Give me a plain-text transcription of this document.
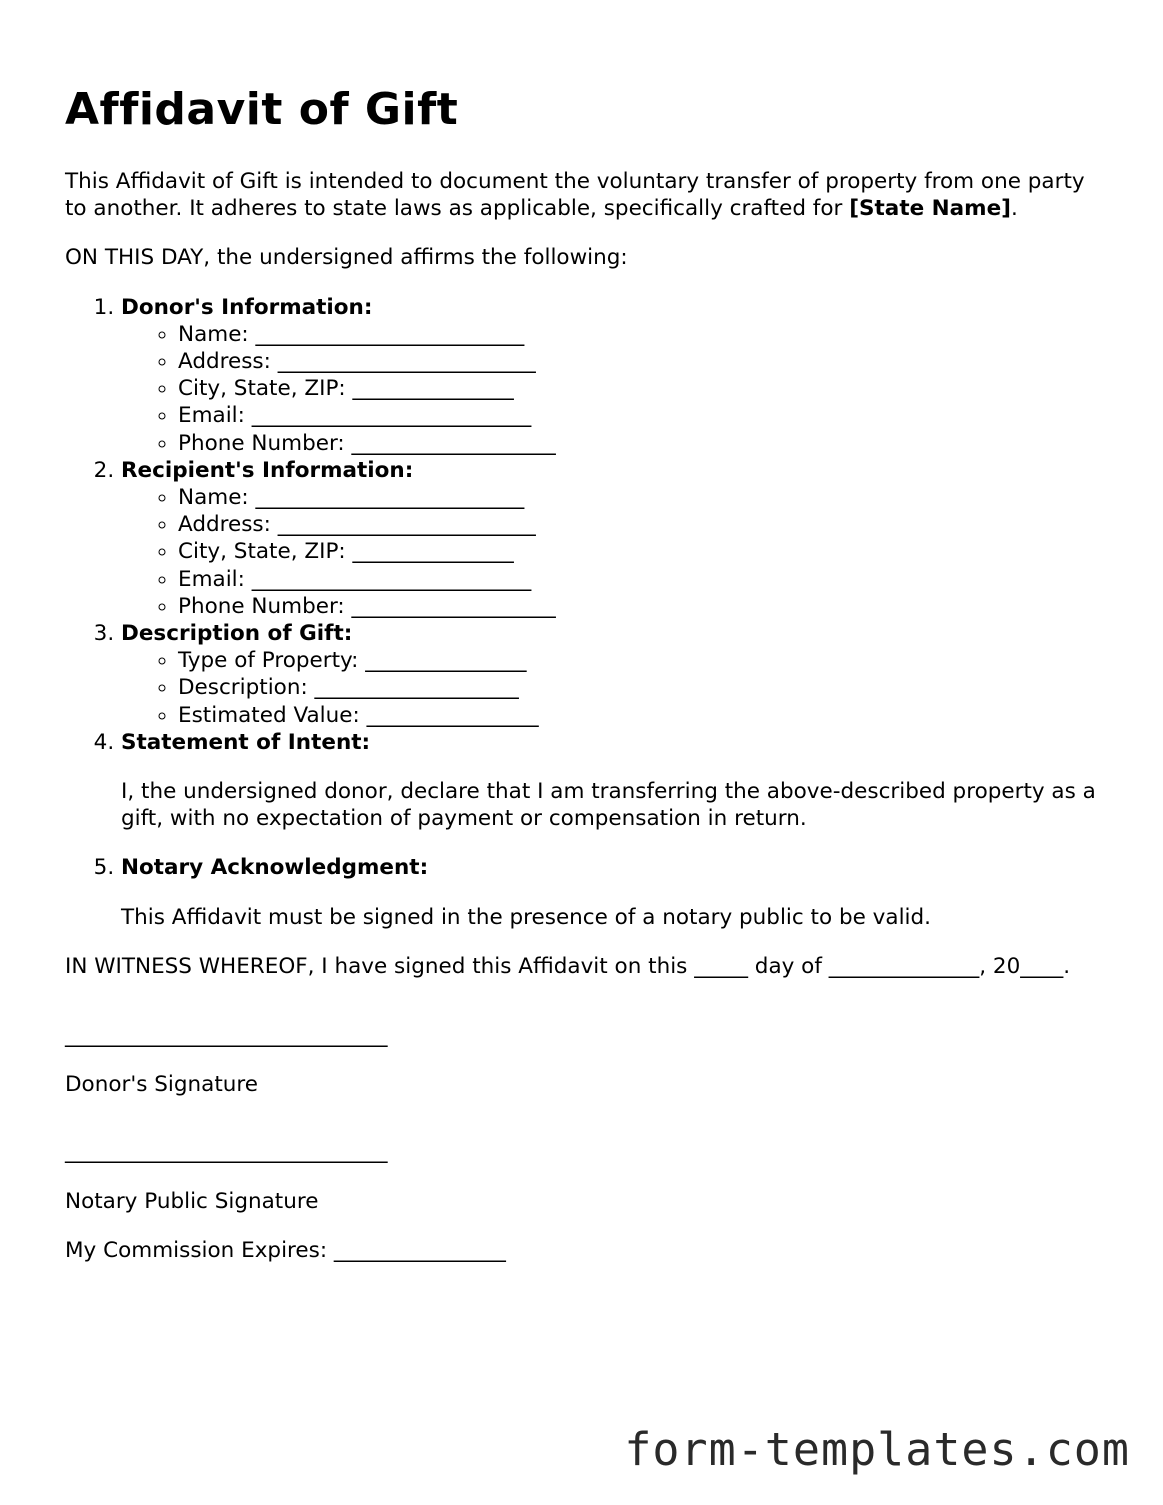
Affidavit of Gift

This Affidavit of Gift is intended to document the voluntary transfer of property from one party to another. It adheres to state laws as applicable, specifically crafted for [State Name].

ON THIS DAY, the undersigned affirms the following:

1. Donor's Information:
◦ Name: _________________________
◦ Address: ________________________
◦ City, State, ZIP: _______________
◦ Email: __________________________
◦ Phone Number: ___________________
2. Recipient's Information:
◦ Name: _________________________
◦ Address: ________________________
◦ City, State, ZIP: _______________
◦ Email: __________________________
◦ Phone Number: ___________________
3. Description of Gift:
◦ Type of Property: _______________
◦ Description: ___________________
◦ Estimated Value: ________________
4. Statement of Intent:

I, the undersigned donor, declare that I am transferring the above-described property as a gift, with no expectation of payment or compensation in return.

5. Notary Acknowledgment:

This Affidavit must be signed in the presence of a notary public to be valid.

IN WITNESS WHEREOF, I have signed this Affidavit on this _____ day of ______________, 20____.

______________________________

Donor's Signature

______________________________

Notary Public Signature

My Commission Expires: ________________

form-templates.com
